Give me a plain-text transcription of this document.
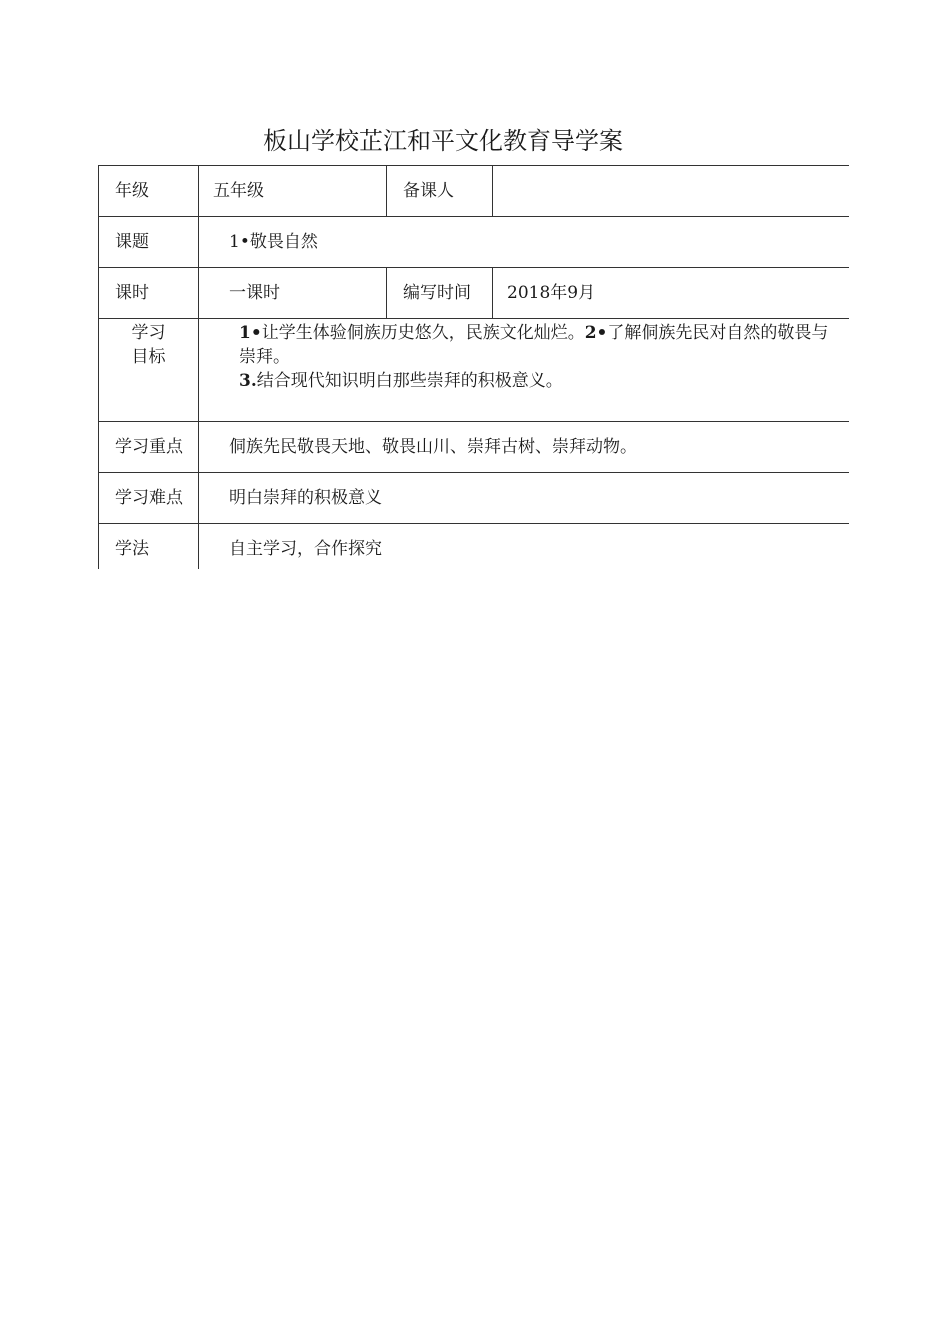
板山学校芷江和平文化教育导学案
年级	五年级	备课人	
课题	1•敬畏自然		
课时	一课时	编写时间	2018年9月

学习
目标	1•让学生体验侗族历史悠久，民族文化灿烂。2•了解侗族先民对自然的敬畏与崇拜。
3.结合现代知识明白那些崇拜的积极意义。		

学习重点	侗族先民敬畏天地、敬畏山川、崇拜古树、崇拜动物。		
学习难点	明白崇拜的积极意义		
学法	自主学习，合作探究		
